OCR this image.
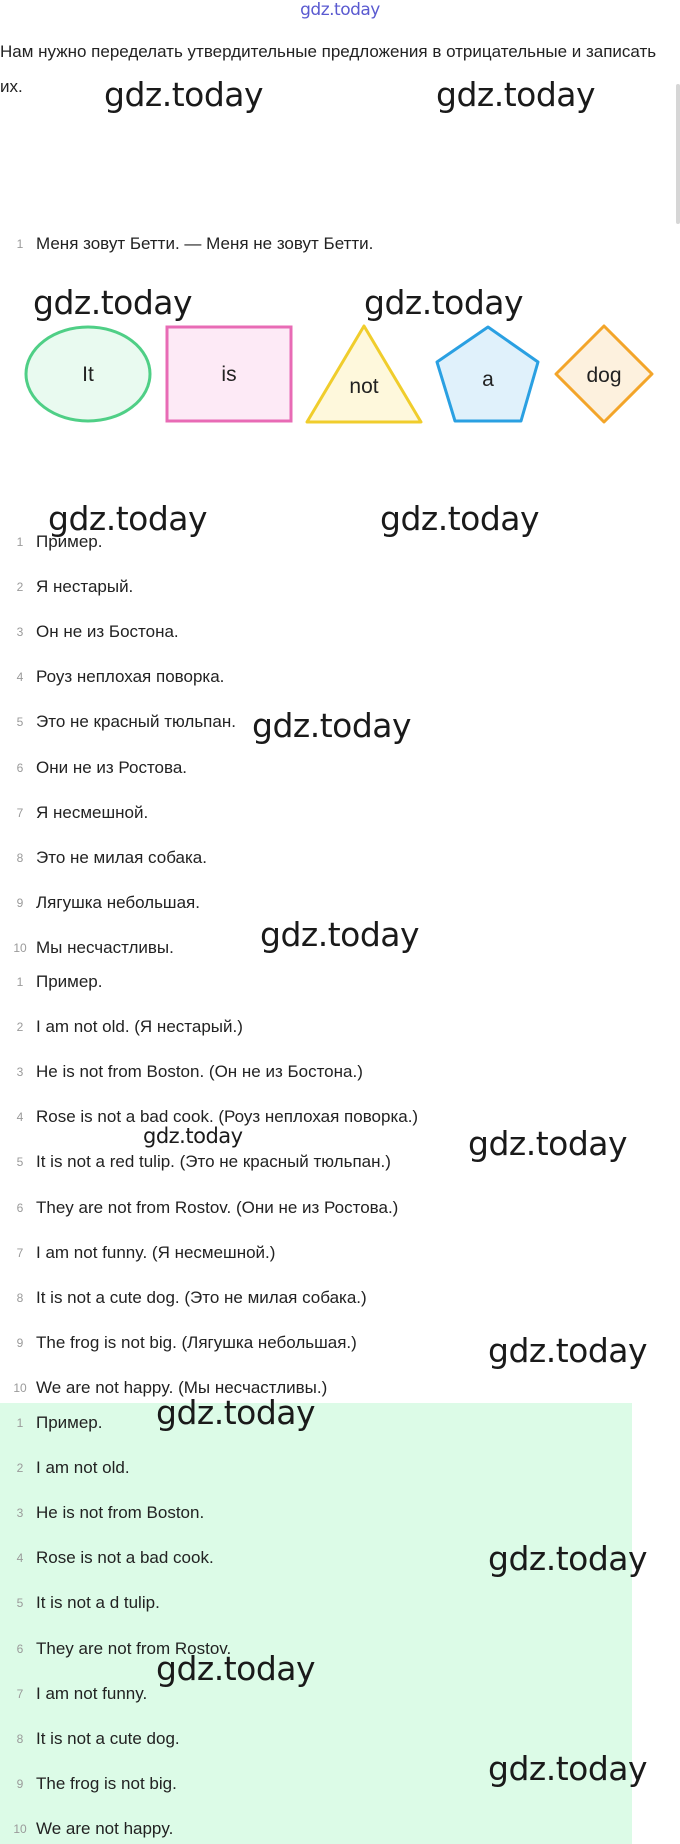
gdz.today
Нам нужно переделать утвердительные предложения в отрицательные и записать их.
1 Меня зовут Бетти. — Меня не зовут Бетти.
It	is
not	a	dog
1 Пример.
2 Я нестарый.
3 Он не из Бостона.
4 Роуз неплохая поворка.
5 Это не красный тюльпан.
6 Они не из Ростова.
7 Я несмешной.
8 Это не милая собака.
9 Лягушка небольшая.
10 Мы несчастливы.
1 Пример.
2 I am not old. (Я нестарый.)
3 He is not from Boston. (Он не из Бостона.)
4 Rose is not a bad cook. (Роуз неплохая поворка.)
5 It is not a red tulip. (Это не красный тюльпан.)
6 They are not from Rostov. (Они не из Ростова.)
7 I am not funny. (Я несмешной.)
8 It is not a cute dog. (Это не милая собака.)
9 The frog is not big. (Лягушка небольшая.)
10 We are not happy. (Мы несчастливы.)
1 Пример.
2 I am not old.
3 He is not from Boston.
4 Rose is not a bad cook.
5 It is not a d tulip.
6 They are not from Rostov.
7 I am not funny.
8 It is not a cute dog.
9 The frog is not big.
10 We are not happy.
gdz.today	gdz.today
gdz.today	gdz.today
gdz.today	gdz.today
gdz.today
gdz.today
gdz.today	gdz.today
gdz.today
gdz.today
gdz.today
gdz.today
gdz.today
